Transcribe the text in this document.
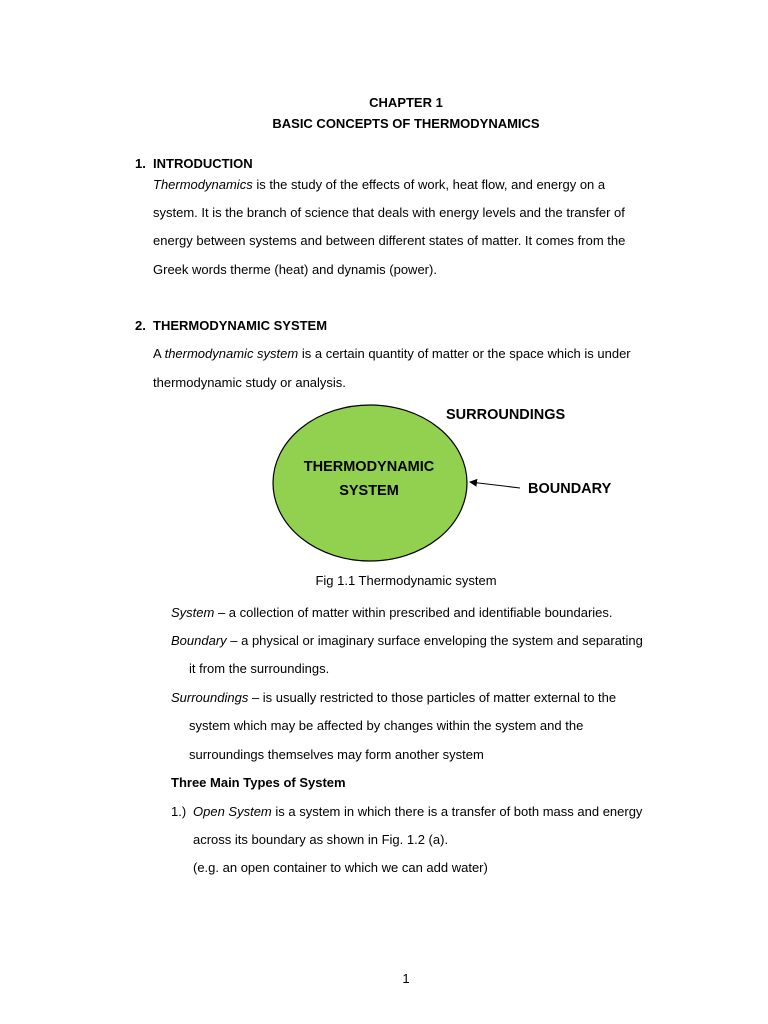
CHAPTER 1
BASIC CONCEPTS OF THERMODYNAMICS
1. INTRODUCTION
Thermodynamics is the study of the effects of work, heat flow, and energy on a
system. It is the branch of science that deals with energy levels and the transfer of
energy between systems and between different states of matter. It comes from the
Greek words therme (heat) and dynamis (power).
2. THERMODYNAMIC SYSTEM
A thermodynamic system is a certain quantity of matter or the space which is under
thermodynamic study or analysis.
THERMODYNAMIC
SYSTEM
SURROUNDINGS
BOUNDARY
Fig 1.1 Thermodynamic system
System – a collection of matter within prescribed and identifiable boundaries.
Boundary – a physical or imaginary surface enveloping the system and separating
it from the surroundings.
Surroundings – is usually restricted to those particles of matter external to the
system which may be affected by changes within the system and the
surroundings themselves may form another system
Three Main Types of System
1.) Open System is a system in which there is a transfer of both mass and energy
across its boundary as shown in Fig. 1.2 (a).
(e.g. an open container to which we can add water)
1
